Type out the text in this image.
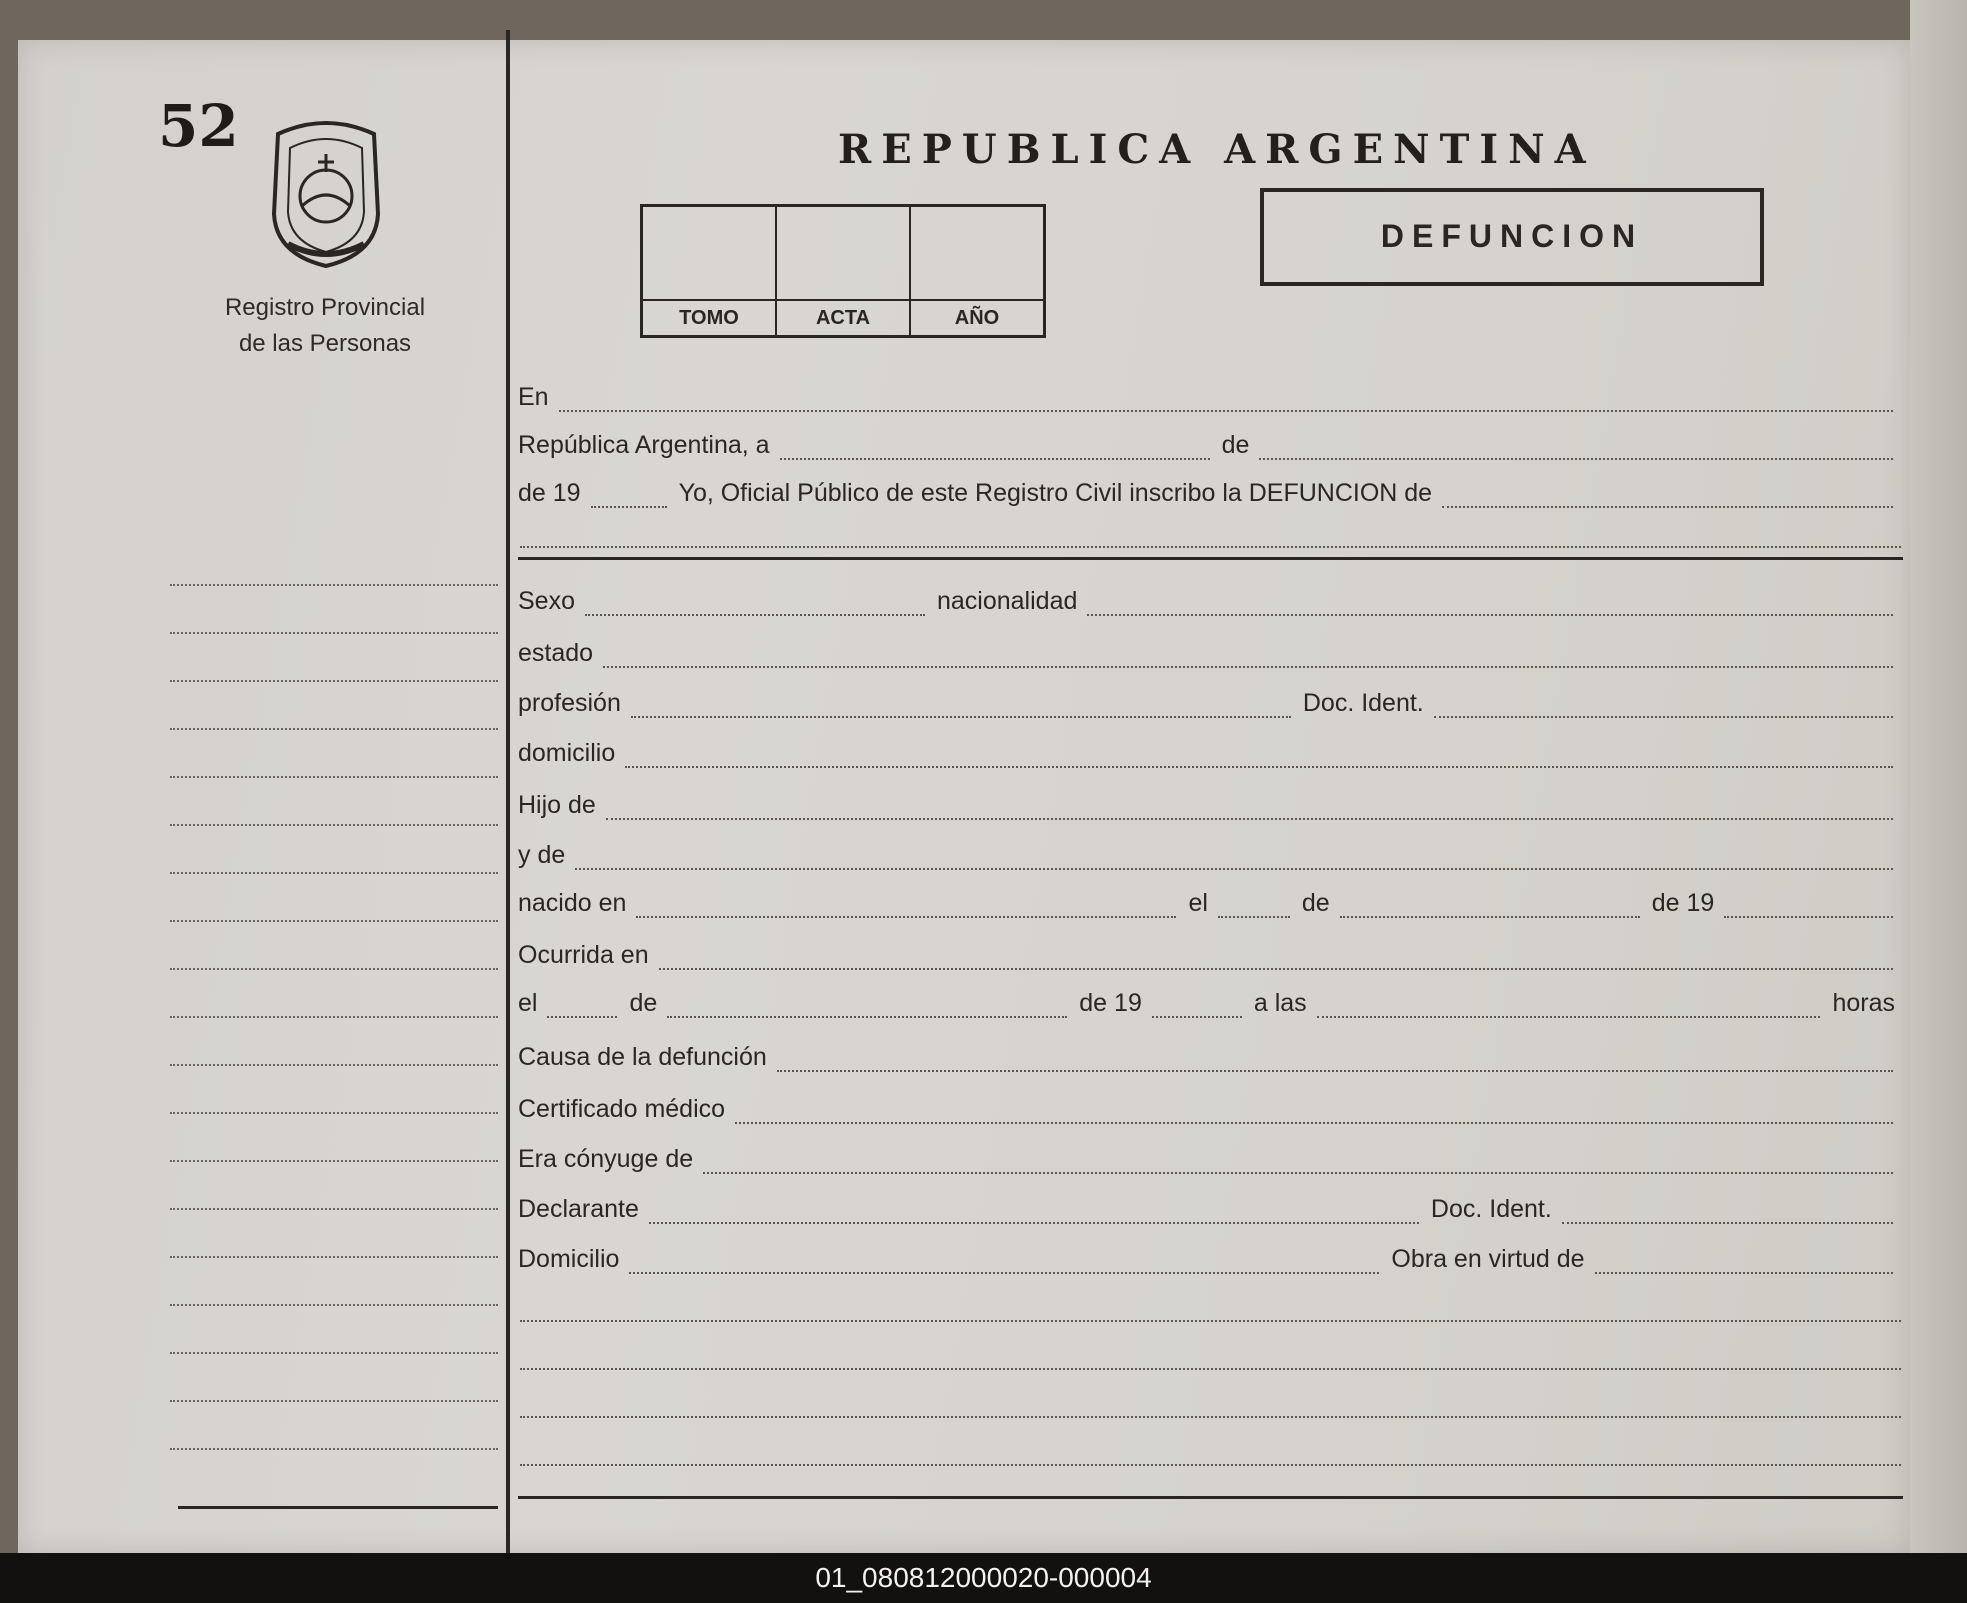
52
Registro Provincial
de las Personas
REPUBLICA ARGENTINA
TOMO	ACTA	AÑO
DEFUNCION
En
República Argentina, a	de
de 19	Yo, Oficial Público de este Registro Civil inscribo la DEFUNCION de
Sexo	nacionalidad
estado
profesión	Doc. Ident.
domicilio
Hijo de
y de
nacido en	el	de	de 19
Ocurrida en
el	de	de 19	a las	horas
Causa de la defunción
Certificado médico
Era cónyuge de
Declarante	Doc. Ident.
Domicilio	Obra en virtud de
01_080812000020-000004
